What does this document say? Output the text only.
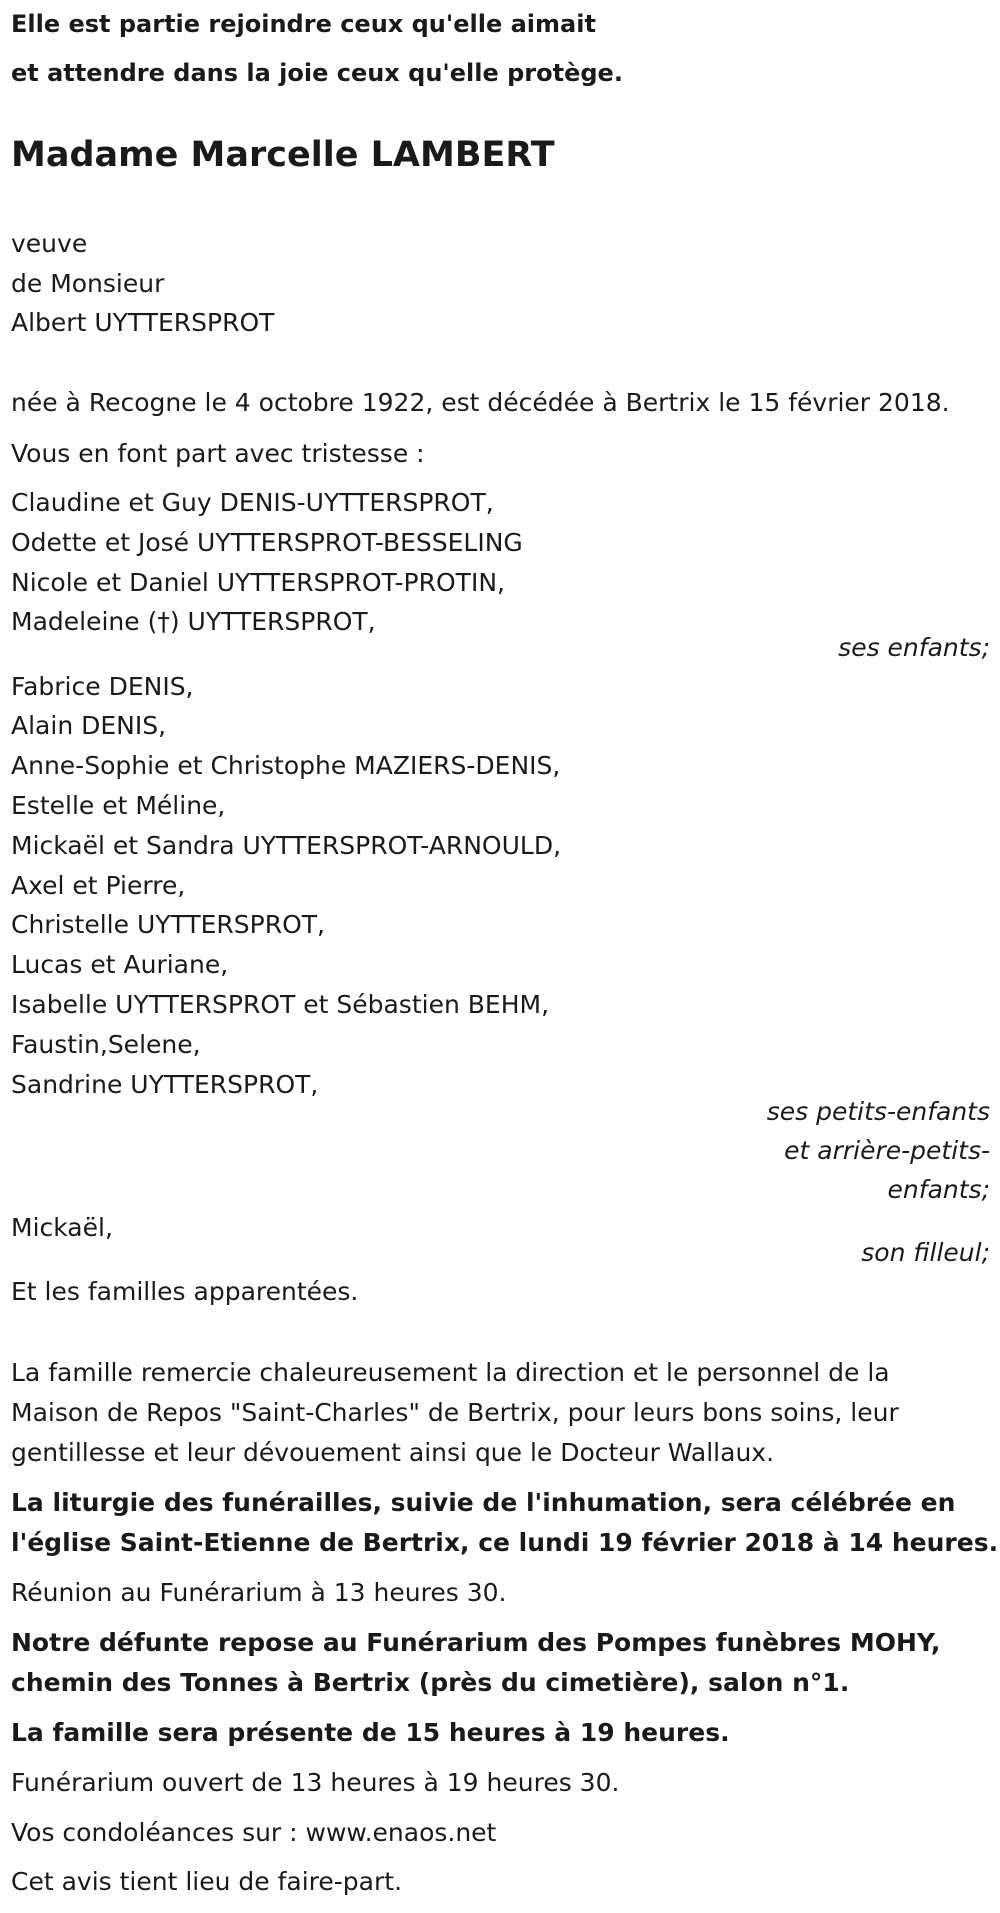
Elle est partie rejoindre ceux qu'elle aimait
et attendre dans la joie ceux qu'elle protège.
Madame Marcelle LAMBERT
veuve
de Monsieur
Albert UYTTERSPROT
née à Recogne le 4 octobre 1922, est décédée à Bertrix le 15 février 2018.
Vous en font part avec tristesse :
Claudine et Guy DENIS-UYTTERSPROT,
Odette et José UYTTERSPROT-BESSELING
Nicole et Daniel UYTTERSPROT-PROTIN,
Madeleine (†) UYTTERSPROT,
ses enfants;
Fabrice DENIS,
Alain DENIS,
Anne-Sophie et Christophe MAZIERS-DENIS,
Estelle et Méline,
Mickaël et Sandra UYTTERSPROT-ARNOULD,
Axel et Pierre,
Christelle UYTTERSPROT,
Lucas et Auriane,
Isabelle UYTTERSPROT et Sébastien BEHM,
Faustin,Selene,
Sandrine UYTTERSPROT,
ses petits-enfants
et arrière-petits-
enfants;
Mickaël,
son filleul;
Et les familles apparentées.
La famille remercie chaleureusement la direction et le personnel de la
Maison de Repos "Saint-Charles" de Bertrix, pour leurs bons soins, leur
gentillesse et leur dévouement ainsi que le Docteur Wallaux.
La liturgie des funérailles, suivie de l'inhumation, sera célébrée en
l'église Saint-Etienne de Bertrix, ce lundi 19 février 2018 à 14 heures.
Réunion au Funérarium à 13 heures 30.
Notre défunte repose au Funérarium des Pompes funèbres MOHY,
chemin des Tonnes à Bertrix (près du cimetière), salon n°1.
La famille sera présente de 15 heures à 19 heures.
Funérarium ouvert de 13 heures à 19 heures 30.
Vos condoléances sur : www.enaos.net
Cet avis tient lieu de faire-part.
